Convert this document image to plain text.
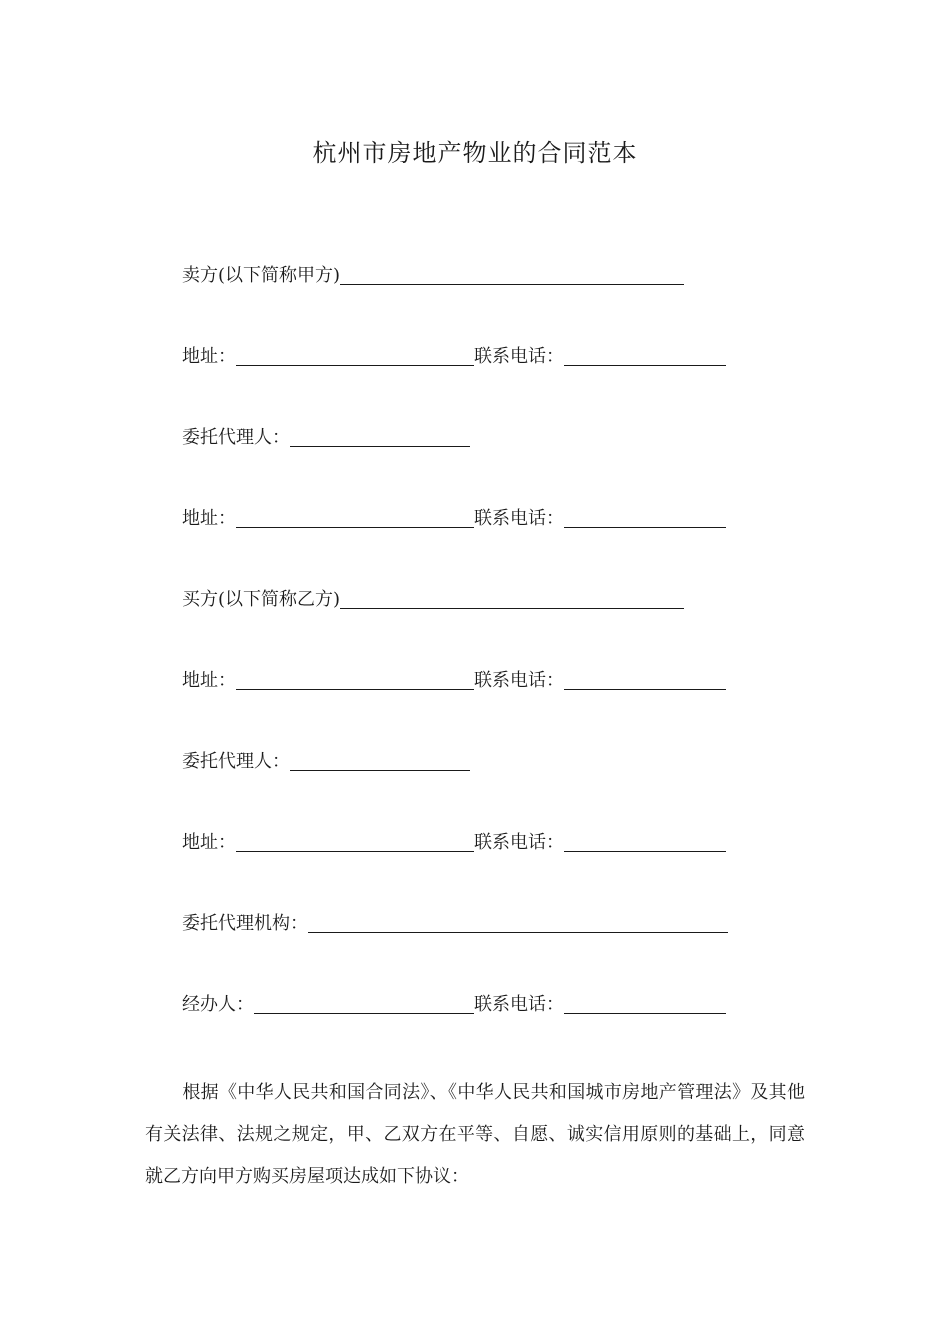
杭州市房地产物业的合同范本
卖方(以下简称甲方)
地址：	联系电话：
委托代理人：
地址：	联系电话：
买方(以下简称乙方)
地址：	联系电话：
委托代理人：
地址：	联系电话：
委托代理机构：
经办人：	联系电话：
根据《中华人民共和国合同法》、《中华人民共和国城市房地产管理法》及其他有关法律、法规之规定，甲、乙双方在平等、自愿、诚实信用原则的基础上，同意就乙方向甲方购买房屋项达成如下协议：
